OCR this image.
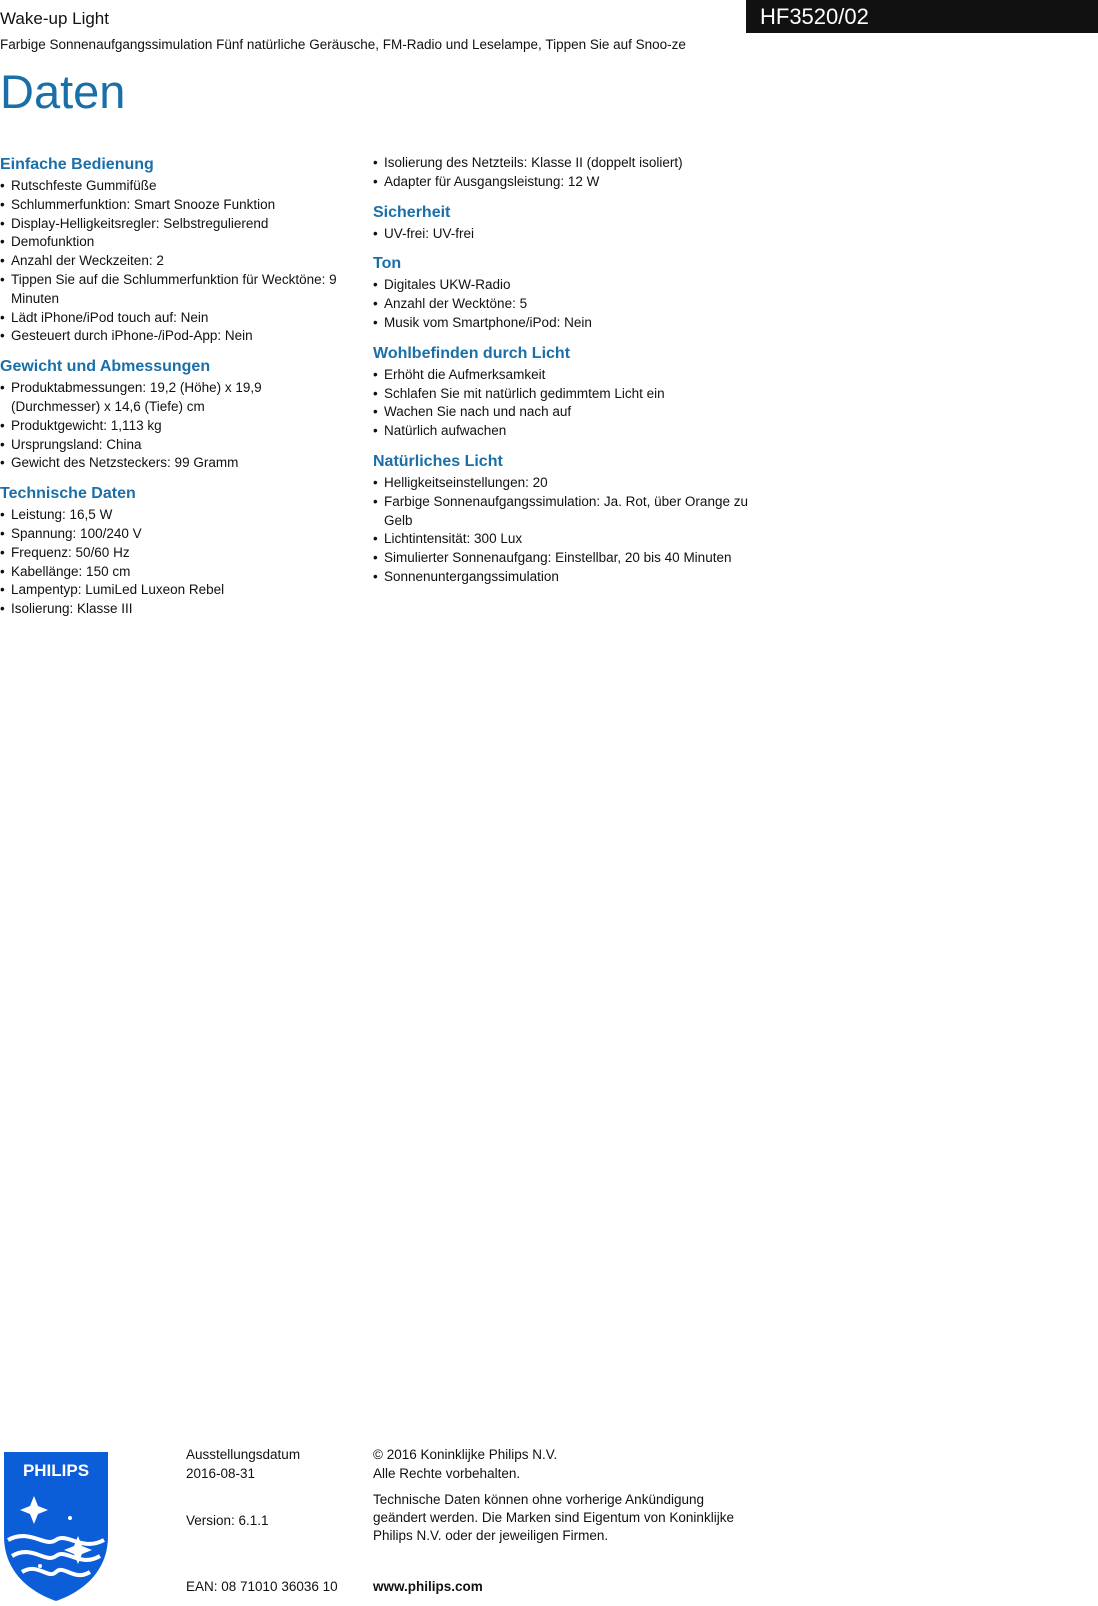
Wake-up Light
Farbige Sonnenaufgangssimulation Fünf natürliche Geräusche, FM-Radio und Leselampe, Tippen Sie auf Snoo-ze
HF3520/02
Daten
Einfache Bedienung
• Rutschfeste Gummifüße
• Schlummerfunktion: Smart Snooze Funktion
• Display-Helligkeitsregler: Selbstregulierend
• Demofunktion
• Anzahl der Weckzeiten: 2
• Tippen Sie auf die Schlummerfunktion für Wecktöne: 9 Minuten
• Lädt iPhone/iPod touch auf: Nein
• Gesteuert durch iPhone-/iPod-App: Nein
Gewicht und Abmessungen
• Produktabmessungen: 19,2 (Höhe) x 19,9 (Durchmesser) x 14,6 (Tiefe) cm
• Produktgewicht: 1,113 kg
• Ursprungsland: China
• Gewicht des Netzsteckers: 99 Gramm
Technische Daten
• Leistung: 16,5 W
• Spannung: 100/240 V
• Frequenz: 50/60 Hz
• Kabellänge: 150 cm
• Lampentyp: LumiLed Luxeon Rebel
• Isolierung: Klasse III
• Isolierung des Netzteils: Klasse II (doppelt isoliert)
• Adapter für Ausgangsleistung: 12 W
Sicherheit
• UV-frei: UV-frei
Ton
• Digitales UKW-Radio
• Anzahl der Wecktöne: 5
• Musik vom Smartphone/iPod: Nein
Wohlbefinden durch Licht
• Erhöht die Aufmerksamkeit
• Schlafen Sie mit natürlich gedimmtem Licht ein
• Wachen Sie nach und nach auf
• Natürlich aufwachen
Natürliches Licht
• Helligkeitseinstellungen: 20
• Farbige Sonnenaufgangssimulation: Ja. Rot, über Orange zu Gelb
• Lichtintensität: 300 Lux
• Simulierter Sonnenaufgang: Einstellbar, 20 bis 40 Minuten
• Sonnenuntergangssimulation
PHILIPS
Ausstellungsdatum
2016-08-31
Version: 6.1.1
EAN: 08 71010 36036 10
© 2016 Koninklijke Philips N.V.
Alle Rechte vorbehalten.
Technische Daten können ohne vorherige Ankündigung geändert werden. Die Marken sind Eigentum von Koninklijke Philips N.V. oder der jeweiligen Firmen.
www.philips.com
